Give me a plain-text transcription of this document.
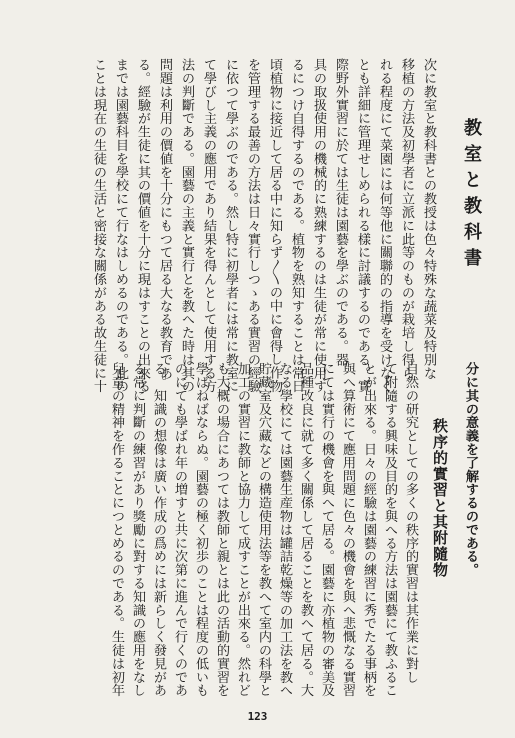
教室と教科書
秩序的實習と其附隨物
次に教室と教科書との教授は色々特殊な蔬菜及特別な
移植の方法及初學者に立派に此等のものが栽培し得ら
れる程度にて菜園には何等他に關聯的の指導を受けなく
とも詳細に管理せしめられる樣に討議するのである。實
際野外實習に於ては生徒は園藝を學ぶのである。器
具の取扱使用の機械的に熟練するのは生徒が常に使用す
るにつけ自得するのである。植物を熟知することは常日
頃植物に接近して居る中に知らず〳〵の中に會得し作物
を管理する最善の方法は日々實行しつゝある實習の經驗
に依つて學ぶのである。然し特に初學者には常に教室に
て學びし主義の應用であり結果を得んとして使用する方
法の判斷である。園藝の主義と實行とを教へた時は其の
問題は利用の價値を十分にもつて居る大なる教育であ
る。經驗が生徒に其の價値を十分に現はすことの出來る
までは園藝科目を學校にて行なはしめるのである。此の
ことは現在の生徒の生活と密接な關係がある故生徒に十
分に其の意義を了解するのである。
自然の研究としての多くの秩序的實習は其作業に對し
て附隨する興味及目的を與へる方法は園藝にて教ふるこ
とが出來る。日々の經驗は園藝の練習に秀でたる事柄を
與へ算術にて應用問題に色々の機會を與へ悲慨なる實習
にては實行の機會を與へて居る。園藝に亦植物の審美及
品種改良に就て多く關係して居ることを教へて居る。大
なる學校にては園藝生産物は罐詰乾燥等の加工法を教へ
貯藏室及穴藏などの構造使用法等を教へて室内の科學と
加工の實習に教師と協力して成すことが出來る。然れど
も大概の場合にあつては教師と親とは此の活動的實習を
學ばねばならぬ。園藝の極く初歩のことは程度の低いも
のにても學ばれ年の増すと共に次第に進んで行くのであ
る。知識の想像は廣い作成の爲めには新らしく發見があ
る常に判斷の練習があり獎勵に對する知識の應用をなし
兒童の精神を作ることにつとめるのである。生徒は初年
123
